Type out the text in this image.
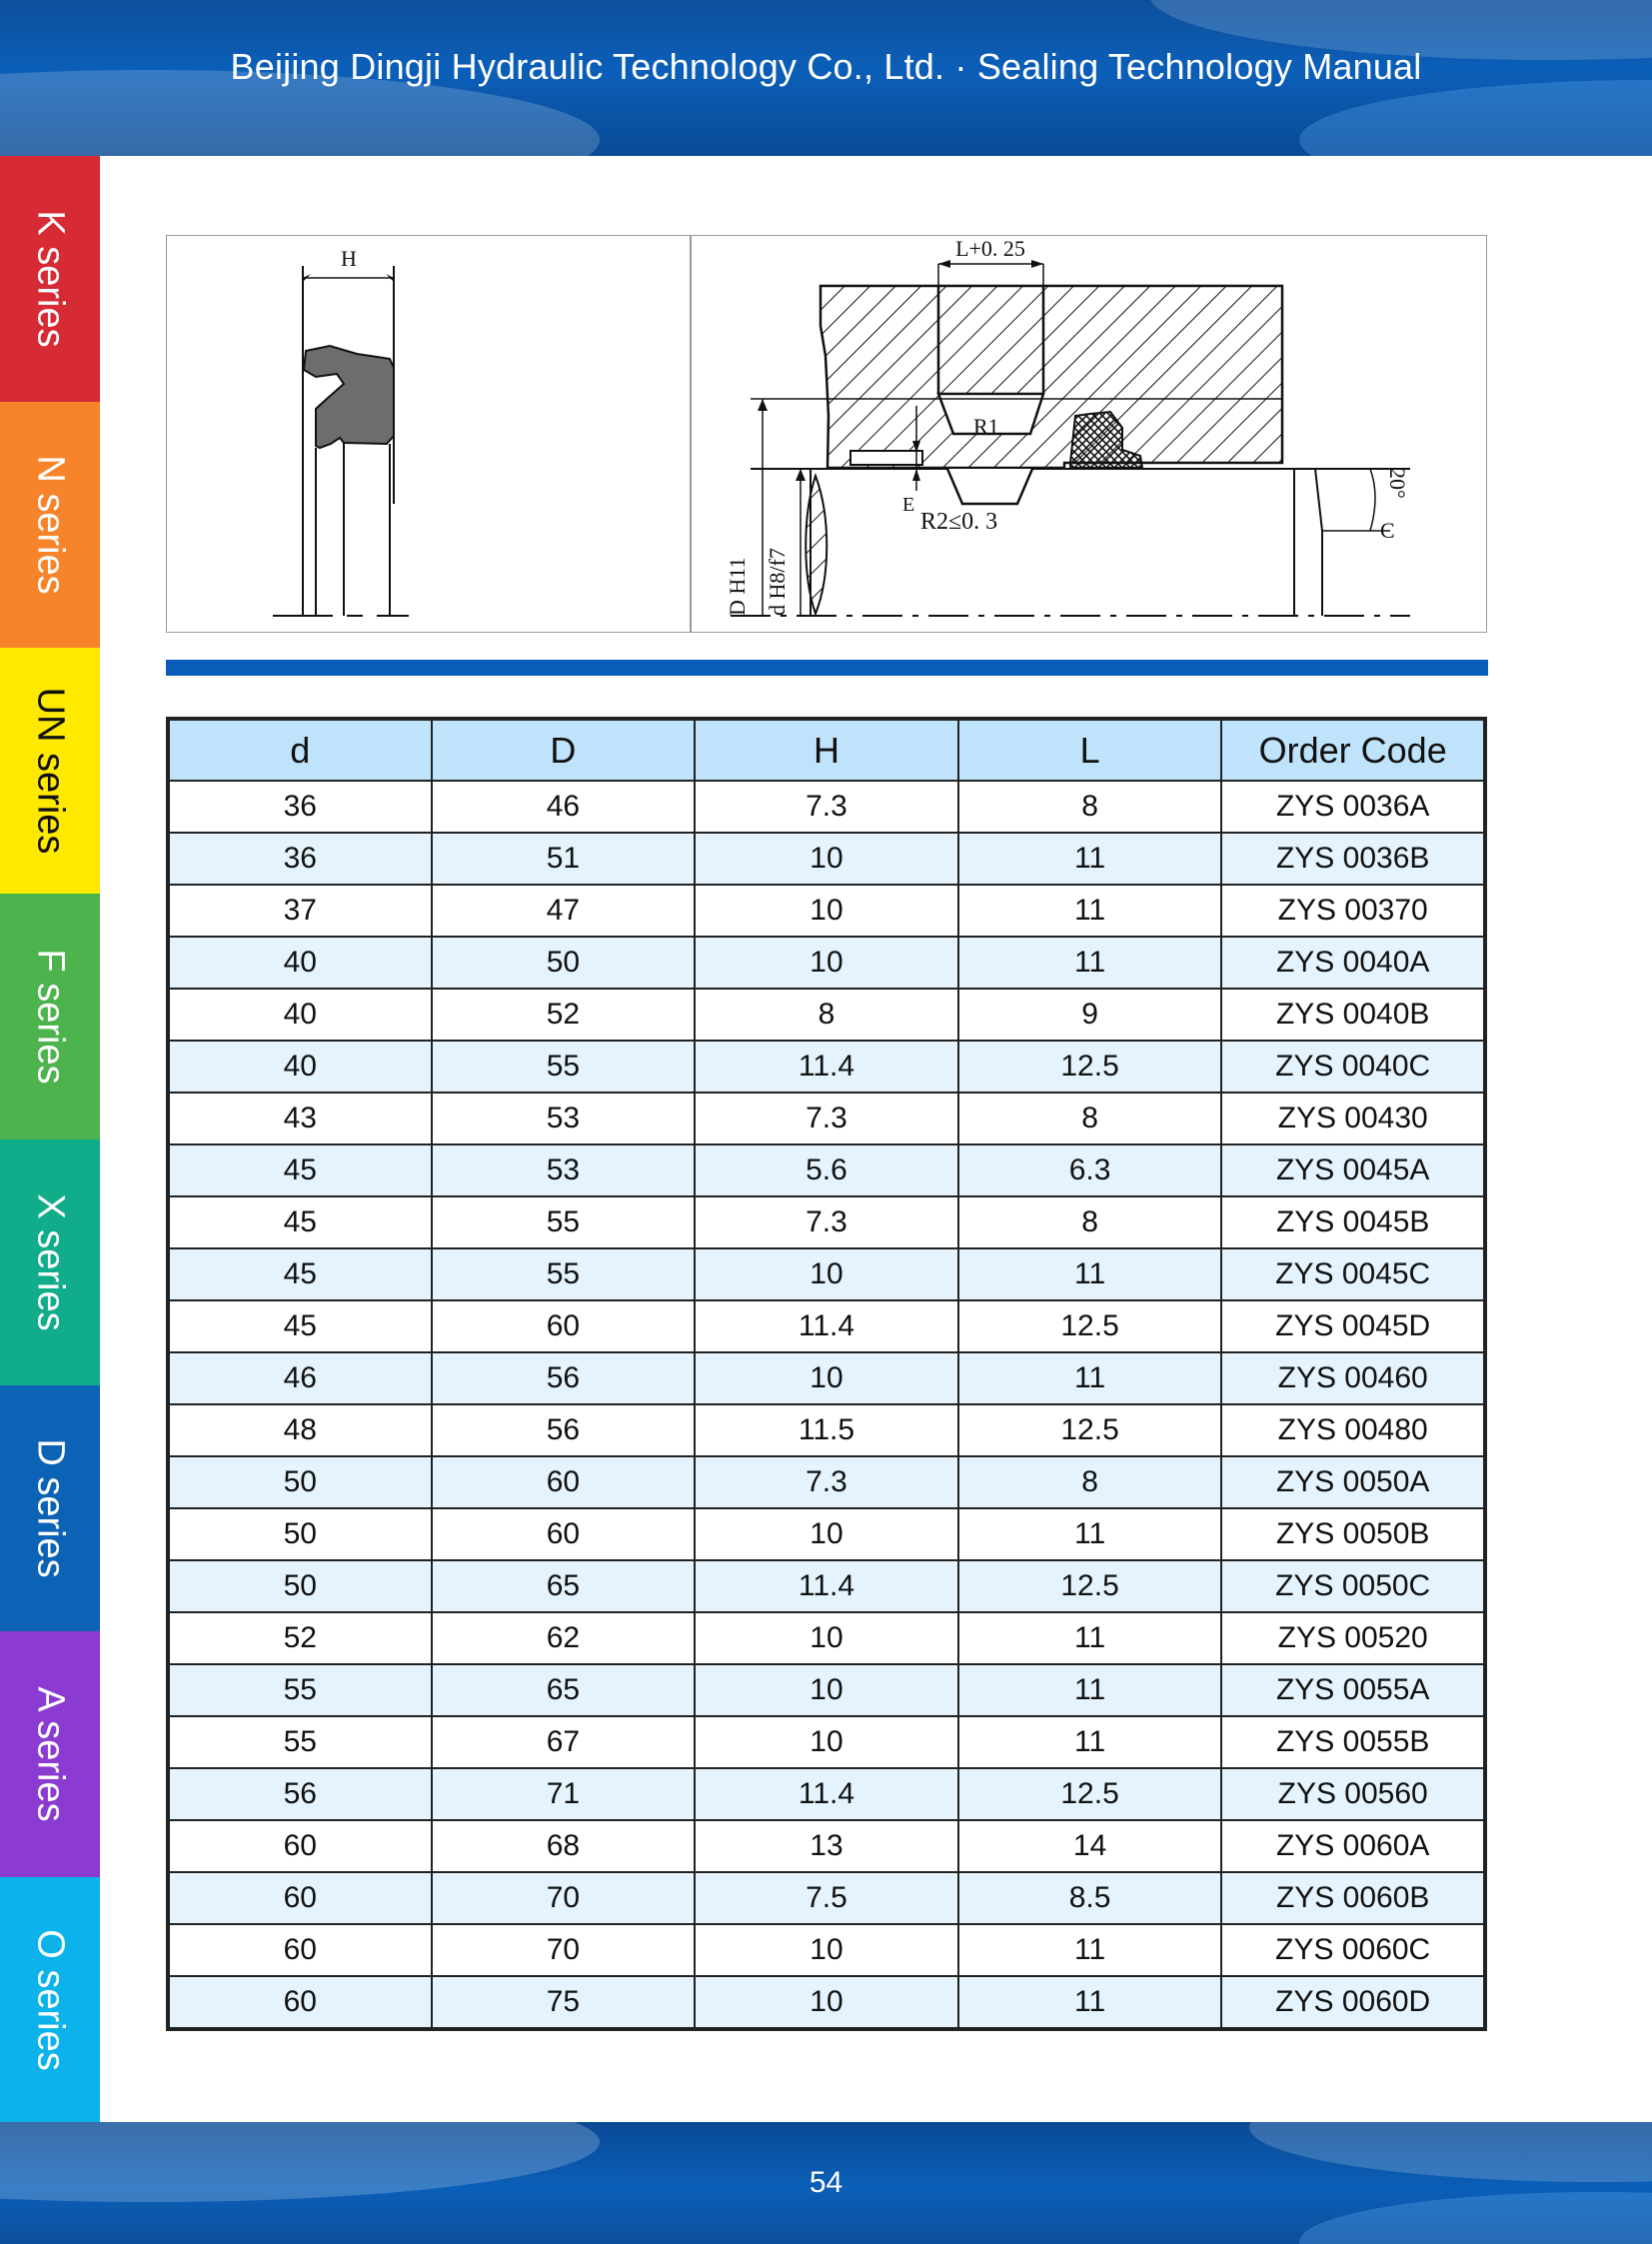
Beijing Dingji Hydraulic Technology Co., Ltd. · Sealing Technology Manual
K series
N series
UN series
F series
X series
D series
A series
O series
H
D H11 d H8/f7
L+0. 25
R1
R2≤0. 3
E
20°
C
d	D	H	L	Order Code
36	46	7.3	8	ZYS 0036A
36	51	10	11	ZYS 0036B
37	47	10	11	ZYS 00370
40	50	10	11	ZYS 0040A
40	52	8	9	ZYS 0040B
40	55	11.4	12.5	ZYS 0040C
43	53	7.3	8	ZYS 00430
45	53	5.6	6.3	ZYS 0045A
45	55	7.3	8	ZYS 0045B
45	55	10	11	ZYS 0045C
45	60	11.4	12.5	ZYS 0045D
46	56	10	11	ZYS 00460
48	56	11.5	12.5	ZYS 00480
50	60	7.3	8	ZYS 0050A
50	60	10	11	ZYS 0050B
50	65	11.4	12.5	ZYS 0050C
52	62	10	11	ZYS 00520
55	65	10	11	ZYS 0055A
55	67	10	11	ZYS 0055B
56	71	11.4	12.5	ZYS 00560
60	68	13	14	ZYS 0060A
60	70	7.5	8.5	ZYS 0060B
60	70	10	11	ZYS 0060C
60	75	10	11	ZYS 0060D
54
